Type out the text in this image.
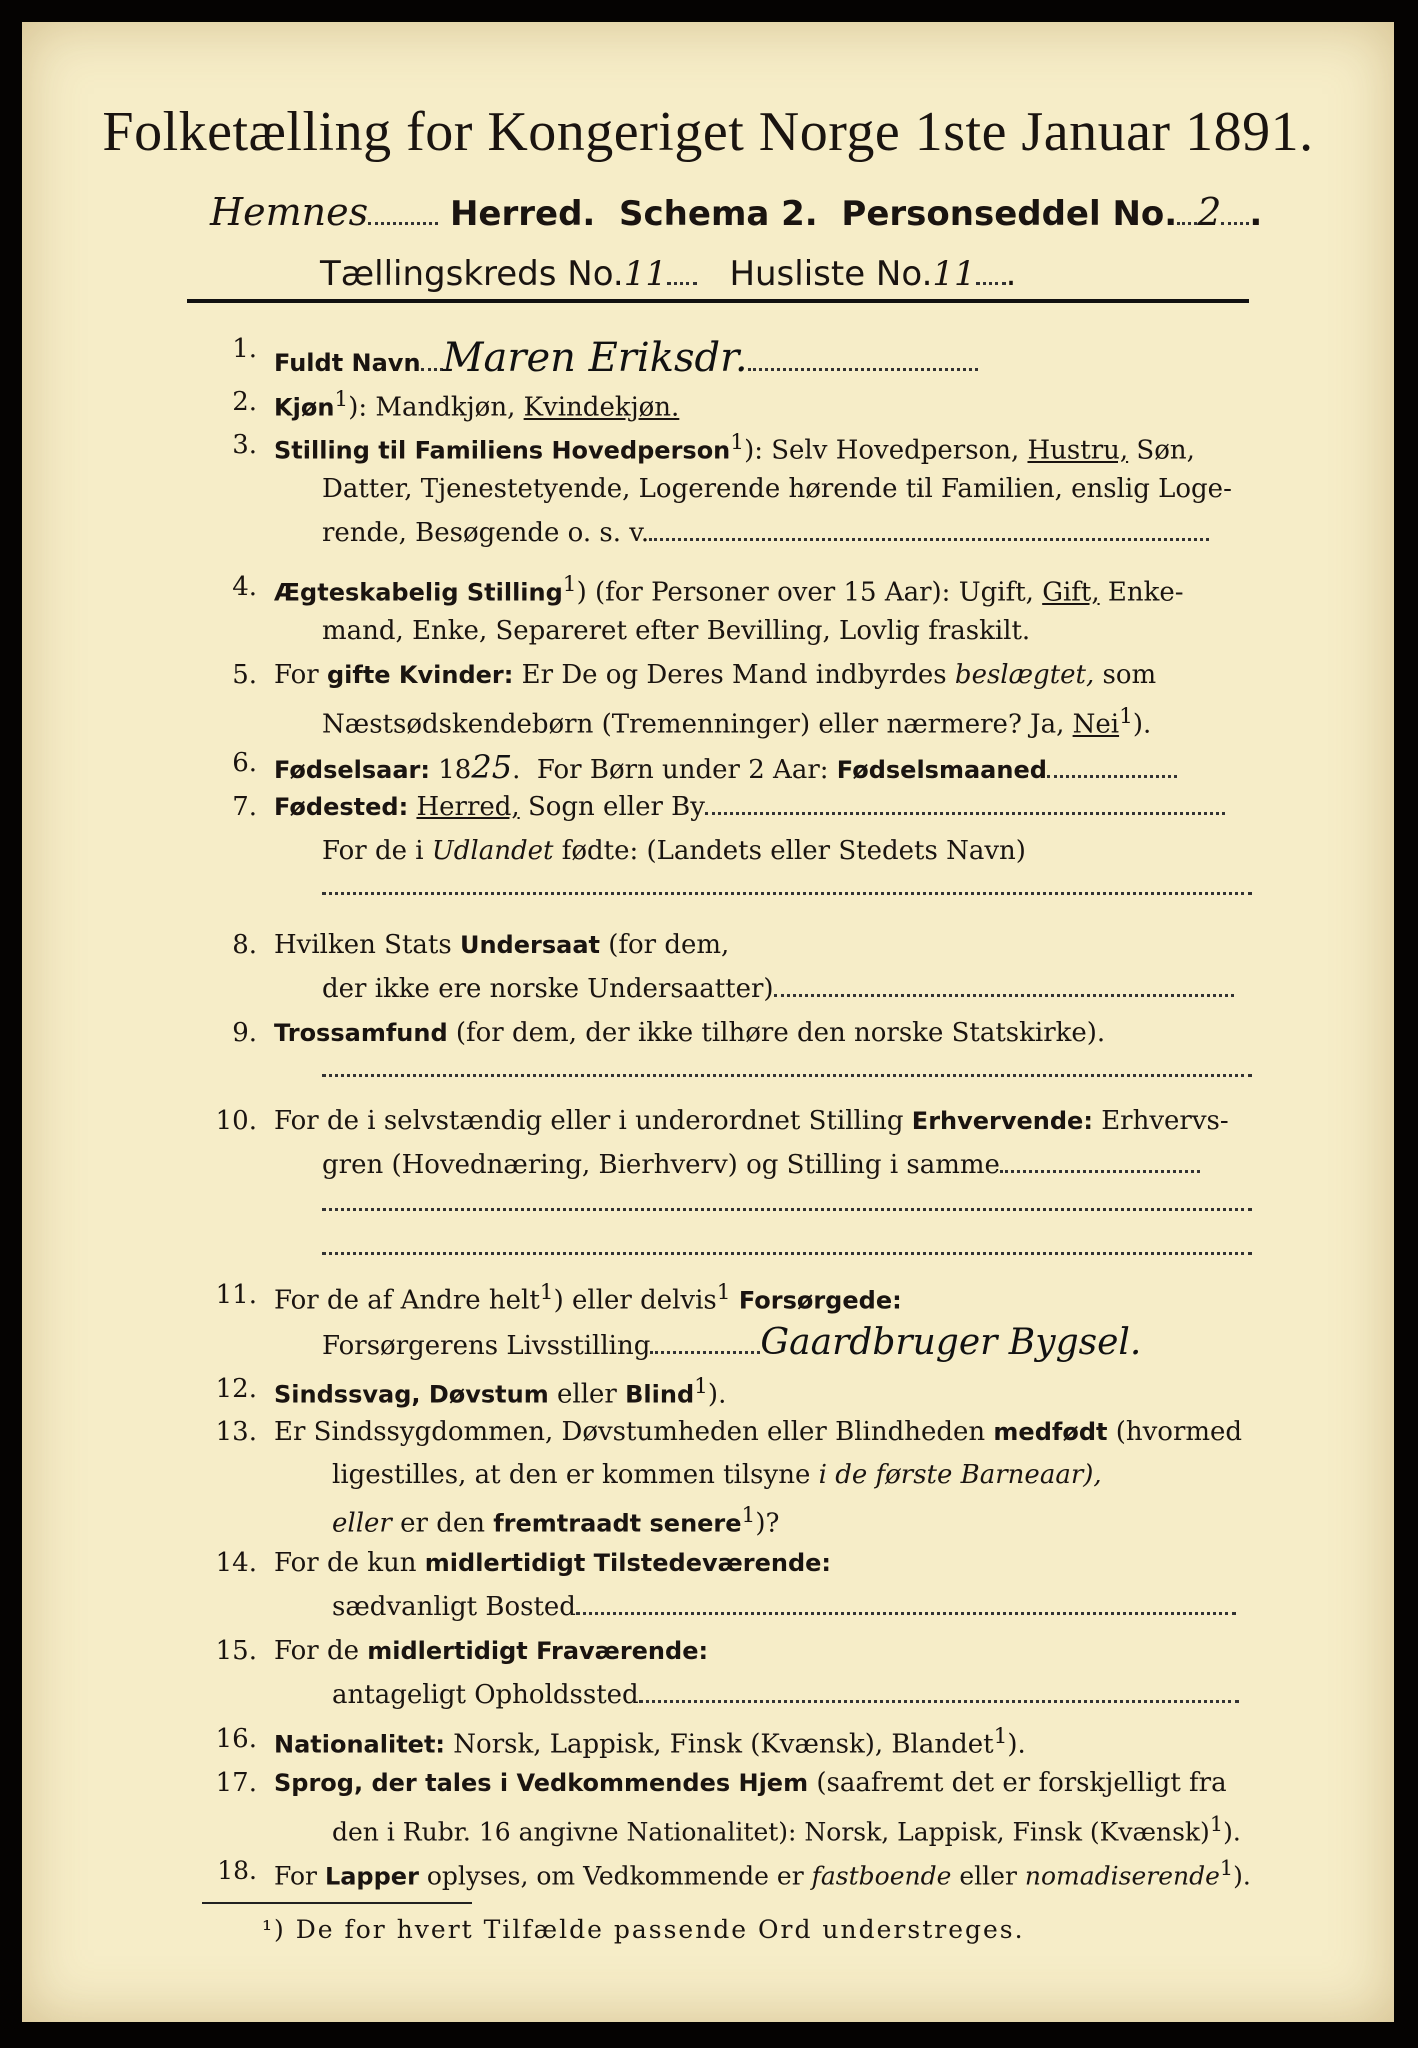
Folketælling for Kongeriget Norge 1ste Januar 1891.
Hemnes Herred. Schema 2. Personseddel No. 2 .
Tællingskreds No.11 Husliste No.11 .
1. Fuldt Navn Maren Eriksdr.
2. Kjøn$^1$): Mandkjøn, Kvindekjøn.
3. Stilling til Familiens Hovedperson$^1$): Selv Hovedperson, Hustru, Søn,
Datter, Tjenestetyende, Logerende hørende til Familien, enslig Loge-
rende, Besøgende o. s. v.
4. Ægteskabelig Stilling$^1$) (for Personer over 15 Aar): Ugift, Gift, Enke-
mand, Enke, Separeret efter Bevilling, Lovlig fraskilt.
5. For gifte Kvinder: Er De og Deres Mand indbyrdes beslægtet, som
Næstsødskendebørn (Tremenninger) eller nærmere? Ja, Nei$^1$).
6. Fødselsaar: 1825.  For Børn under 2 Aar: Fødselsmaaned
7. Fødested: Herred, Sogn eller By
For de i Udlandet fødte: (Landets eller Stedets Navn)
8. Hvilken Stats Undersaat (for dem,
der ikke ere norske Undersaatter)
9. Trossamfund (for dem, der ikke tilhøre den norske Statskirke).
10. For de i selvstændig eller i underordnet Stilling Erhvervende: Erhvervs-
gren (Hovednæring, Bierhverv) og Stilling i samme
11. For de af Andre helt$^1$) eller delvis$^1$ Forsørgede:
Forsørgerens Livsstilling	Gaardbruger Bygsel.
12. Sindssvag, Døvstum eller Blind$^1$).
13. Er Sindssygdommen, Døvstumheden eller Blindheden medfødt (hvormed
ligestilles, at den er kommen tilsyne i de første Barneaar),
eller er den fremtraadt senere$^1$)?
14. For de kun midlertidigt Tilstedeværende:
sædvanligt Bosted
15. For de midlertidigt Fraværende:
antageligt Opholdssted
16. Nationalitet: Norsk, Lappisk, Finsk (Kvænsk), Blandet$^1$).
17. Sprog, der tales i Vedkommendes Hjem (saafremt det er forskjelligt fra
den i Rubr. 16 angivne Nationalitet): Norsk, Lappisk, Finsk (Kvænsk)$^1$).
18. For Lapper oplyses, om Vedkommende er fastboende eller nomadiserende$^1$).
¹) De for hvert Tilfælde passende Ord understreges.
